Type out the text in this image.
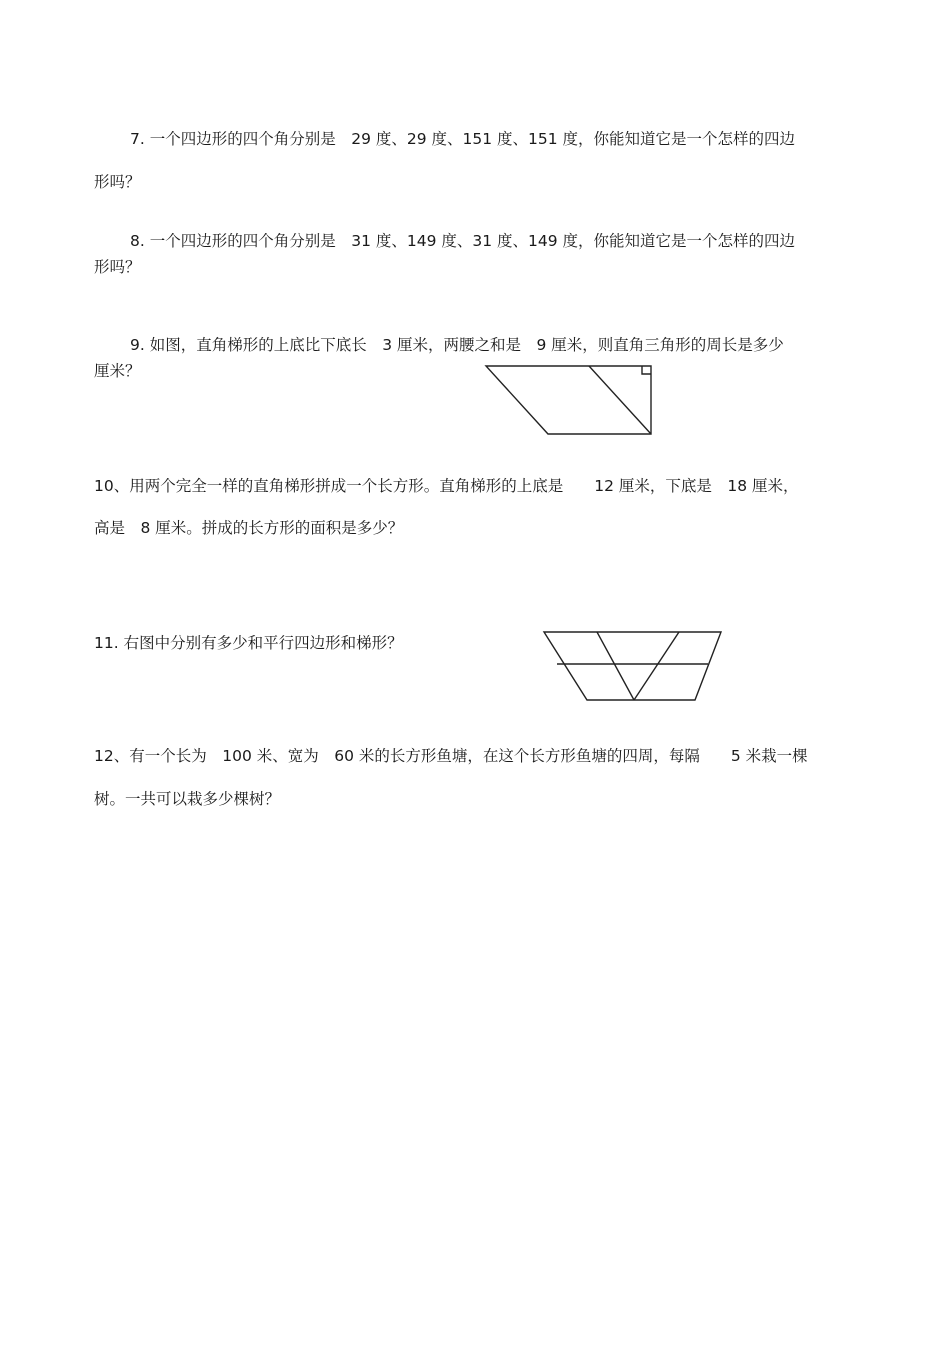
7. 一个四边形的四个角分别是　29 度、29 度、151 度、151 度，你能知道它是一个怎样的四边
形吗？
8. 一个四边形的四个角分别是　31 度、149 度、31 度、149 度，你能知道它是一个怎样的四边
形吗？
9. 如图，直角梯形的上底比下底长　3 厘米，两腰之和是　9 厘米，则直角三角形的周长是多少
厘米？
10、用两个完全一样的直角梯形拼成一个长方形。直角梯形的上底是　　12 厘米，下底是　18 厘米，
高是　8 厘米。拼成的长方形的面积是多少？
11. 右图中分别有多少和平行四边形和梯形？
12、有一个长为　100 米、宽为　60 米的长方形鱼塘，在这个长方形鱼塘的四周，每隔　　5 米栽一棵
树。一共可以栽多少棵树？
